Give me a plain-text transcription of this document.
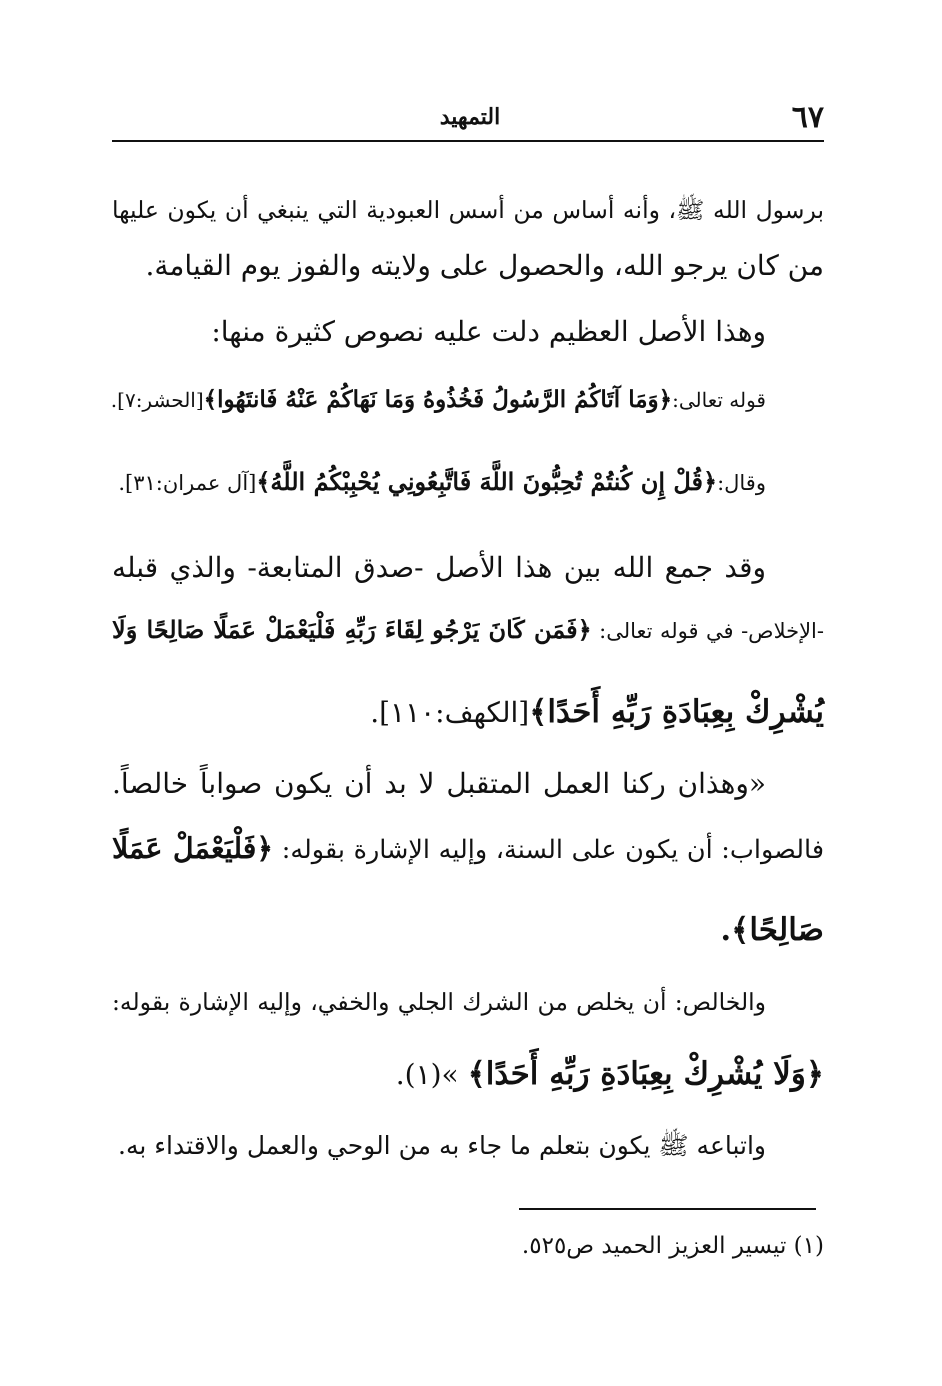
٦٧
التمهيد
برسول الله ﷺ، وأنه أساس من أسس العبودية التي ينبغي أن يكون عليها
من كان يرجو الله، والحصول على ولايته والفوز يوم القيامة.
وهذا الأصل العظيم دلت عليه نصوص كثيرة منها:
قوله تعالى:﴿وَمَا آتَاكُمُ الرَّسُولُ فَخُذُوهُ وَمَا نَهَاكُمْ عَنْهُ فَانتَهُوا﴾[الحشر:٧].
وقال:﴿قُلْ إِن كُنتُمْ تُحِبُّونَ اللَّهَ فَاتَّبِعُونِي يُحْبِبْكُمُ اللَّهُ﴾[آل عمران:٣١].
وقد جمع الله بين هذا الأصل -صدق المتابعة- والذي قبله
-الإخلاص- في قوله تعالى: ﴿فَمَن كَانَ يَرْجُو لِقَاءَ رَبِّهِ فَلْيَعْمَلْ عَمَلًا صَالِحًا وَلَا
يُشْرِكْ بِعِبَادَةِ رَبِّهِ أَحَدًا﴾[الكهف:١١٠].
«وهذان ركنا العمل المتقبل لا بد أن يكون صواباً خالصاً.
فالصواب: أن يكون على السنة، وإليه الإشارة بقوله: ﴿فَلْيَعْمَلْ عَمَلًا
صَالِحًا﴾.
والخالص: أن يخلص من الشرك الجلي والخفي، وإليه الإشارة بقوله:
﴿وَلَا يُشْرِكْ بِعِبَادَةِ رَبِّهِ أَحَدًا﴾ »(١).
واتباعه ﷺ يكون بتعلم ما جاء به من الوحي والعمل والاقتداء به.
(١) تيسير العزيز الحميد ص٥٢٥.
